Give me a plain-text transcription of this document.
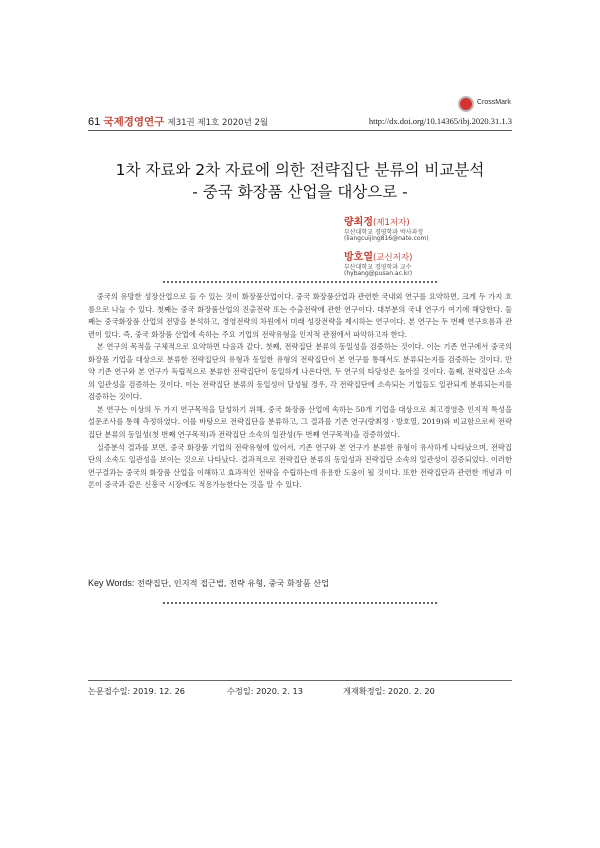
CrossMark
61 국제경영연구 제31권 제1호 2020년 2월	http://dx.doi.org/10.14365/ibj.2020.31.1.3
1차 자료와 2차 자료에 의한 전략집단 분류의 비교분석
- 중국 화장품 산업을 대상으로 -
량최정(제1저자)
부산대학교 경영학과 박사과정
(liangcuijing816@nate.com)
방호열(교신저자)
부산대학교 경영학과 교수
(hybang@pusan.ac.kr)

중국의 유망한 성장산업으로 들 수 있는 것이 화장품산업이다. 중국 화장품산업과 관련한 국내외 연구를 요약하면, 크게 두 가지 흐름으로 나눌 수 있다. 첫째는 중국 화장품산업의 진출전략 또는 수출전략에 관한 연구이다. 대부분의 국내 연구가 여기에 해당한다. 둘째는 중국화장품 산업의 전망을 분석하고, 경영전략의 차원에서 미래 성장전략을 제시하는 연구이다. 본 연구는 두 번째 연구흐름과 관련이 있다. 즉, 중국 화장품 산업에 속하는 주요 기업의 전략유형을 인지적 관점에서 파악하고자 한다.

본 연구의 목적을 구체적으로 요약하면 다음과 같다. 첫째, 전략집단 분류의 동일성을 검증하는 것이다. 이는 기존 연구에서 중국의 화장품 기업을 대상으로 분류한 전략집단의 유형과 동일한 유형의 전략집단이 본 연구를 통해서도 분류되는지를 검증하는 것이다. 만약 기존 연구와 본 연구가 독립적으로 분류한 전략집단이 동일하게 나온다면, 두 연구의 타당성은 높아질 것이다. 둘째, 전략집단 소속의 일관성을 검증하는 것이다. 이는 전략집단 분류의 동일성이 달성될 경우, 각 전략집단에 소속되는 기업들도 일관되게 분류되는지를 검증하는 것이다.

본 연구는 이상의 두 가지 연구목적을 달성하기 위해, 중국 화장품 산업에 속하는 50개 기업을 대상으로 최고경영층 인지적 특성을 설문조사를 통해 측정하였다. 이를 바탕으로 전략집단을 분류하고, 그 결과를 기존 연구(량최정ㆍ방호열, 2019)와 비교함으로써 전략집단 분류의 동일성(첫 번째 연구목적)과 전략집단 소속의 일관성(두 번째 연구목적)을 검증하였다.

실증분석 결과를 보면, 중국 화장품 기업의 전략유형에 있어서, 기존 연구와 본 연구가 분류한 유형이 유사하게 나타났으며, 전략집단의 소속도 일관성을 보이는 것으로 나타났다. 결과적으로 전략집단 분류의 동일성과 전략집단 소속의 일관성이 검증되었다. 이러한 연구결과는 중국의 화장품 산업을 이해하고 효과적인 전략을 수립하는데 유용한 도움이 될 것이다. 또한 전략집단과 관련한 개념과 이론이 중국과 같은 신흥국 시장에도 적용가능한다는 것을 알 수 있다.

Key Words: 전략집단, 인지적 접근법, 전략 유형, 중국 화장품 산업
논문접수일: 2019. 12. 26	수정일: 2020. 2. 13	게재확정일: 2020. 2. 20
